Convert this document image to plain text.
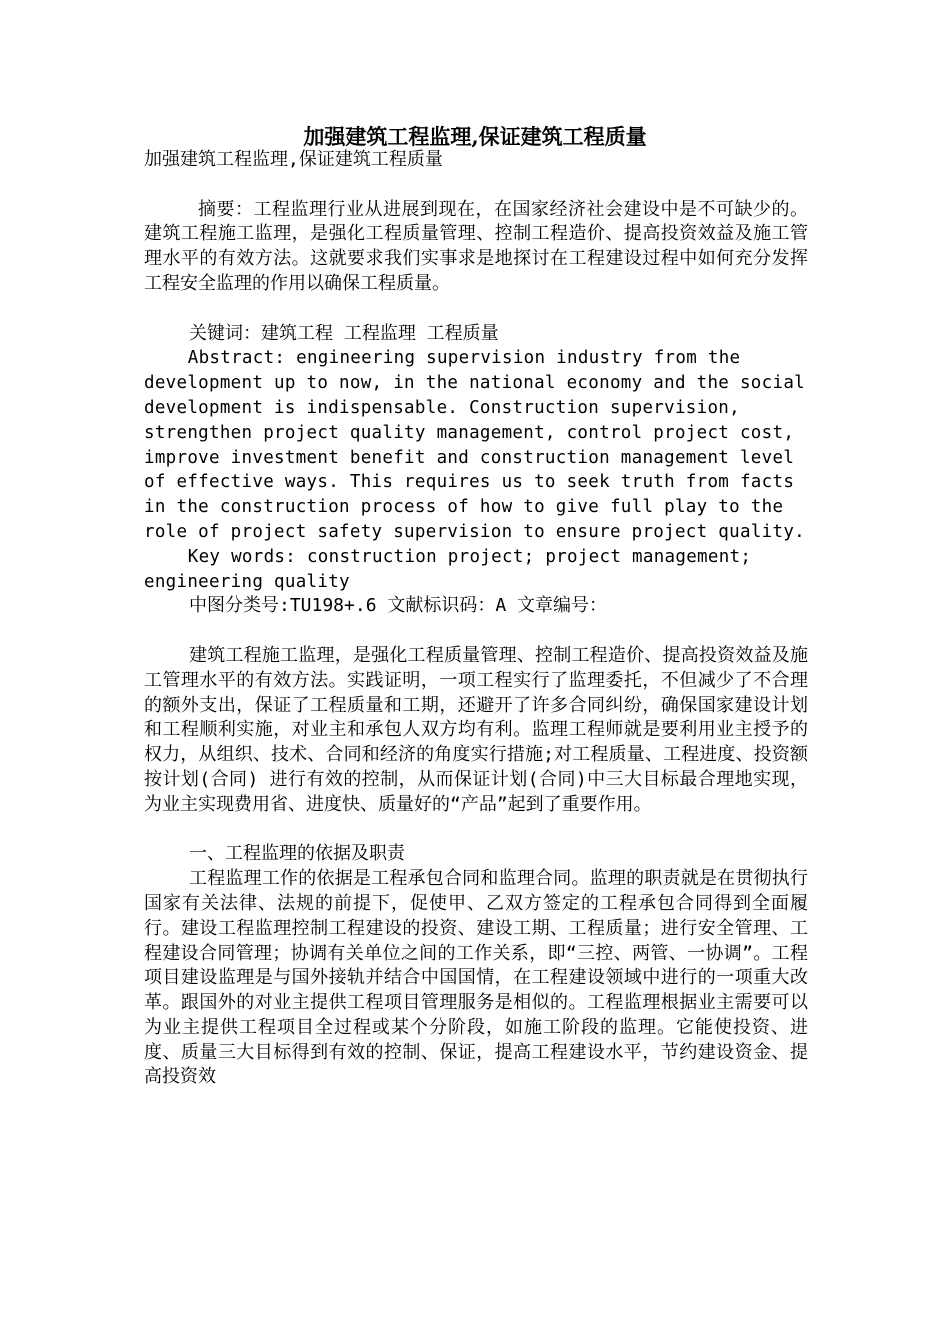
加强建筑工程监理,保证建筑工程质量

加强建筑工程监理,保证建筑工程质量

摘要：工程监理行业从进展到现在，在国家经济社会建设中是不可缺少的。建筑工程施工监理，是强化工程质量管理、控制工程造价、提高投资效益及施工管理水平的有效方法。这就要求我们实事求是地探讨在工程建设过程中如何充分发挥工程安全监理的作用以确保工程质量。

关键词：建筑工程 工程监理 工程质量

Abstract: engineering supervision industry from the development up to now, in the national economy and the social development is indispensable. Construction supervision, strengthen project quality management, control project cost, improve investment benefit and construction management level of effective ways. This requires us to seek truth from facts in the construction process of how to give full play to the role of project safety supervision to ensure project quality.

Key words: construction project; project management; engineering quality

中图分类号:TU198+.6 文献标识码：A 文章编号：

建筑工程施工监理，是强化工程质量管理、控制工程造价、提高投资效益及施工管理水平的有效方法。实践证明，一项工程实行了监理委托，不但减少了不合理的额外支出，保证了工程质量和工期，还避开了许多合同纠纷，确保国家建设计划和工程顺利实施，对业主和承包人双方均有利。监理工程师就是要利用业主授予的权力，从组织、技术、合同和经济的角度实行措施;对工程质量、工程进度、投资额按计划(合同) 进行有效的控制，从而保证计划(合同)中三大目标最合理地实现，为业主实现费用省、进度快、质量好的“产品”起到了重要作用。

一、工程监理的依据及职责

工程监理工作的依据是工程承包合同和监理合同。监理的职责就是在贯彻执行国家有关法律、法规的前提下，促使甲、乙双方签定的工程承包合同得到全面履行。建设工程监理控制工程建设的投资、建设工期、工程质量；进行安全管理、工程建设合同管理；协调有关单位之间的工作关系，即“三控、两管、一协调”。工程项目建设监理是与国外接轨并结合中国国情，在工程建设领域中进行的一项重大改革。跟国外的对业主提供工程项目管理服务是相似的。工程监理根据业主需要可以为业主提供工程项目全过程或某个分阶段，如施工阶段的监理。它能使投资、进度、质量三大目标得到有效的控制、保证，提高工程建设水平，节约建设资金、提高投资效
